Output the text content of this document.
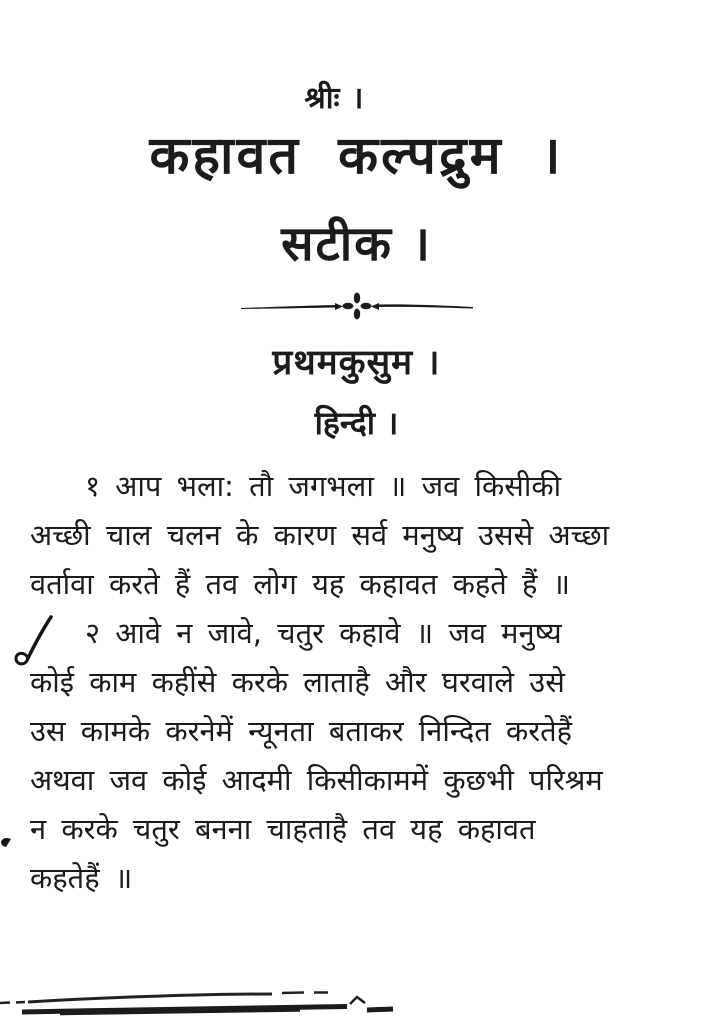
श्रीः ।

कहावत कल्पद्रुम ।
सटीक ।
प्रथमकुसुम ।
हिन्दी ।
१ आप भला: तौ जगभला ॥ जव किसीकी
अच्छी चाल चलन के कारण सर्व मनुष्य उससे अच्छा
वर्तावा करते हैं तव लोग यह कहावत कहते हैं ॥
२ आवे न जावे, चतुर कहावे ॥ जव मनुष्य
कोई काम कहींसे करके लाताहै और घरवाले उसे
उस कामके करनेमें न्यूनता बताकर निन्दित करतेहैं
अथवा जव कोई आदमी किसीकाममें कुछभी परिश्रम
न करके चतुर बनना चाहताहै तव यह कहावत
कहतेहैं ॥
